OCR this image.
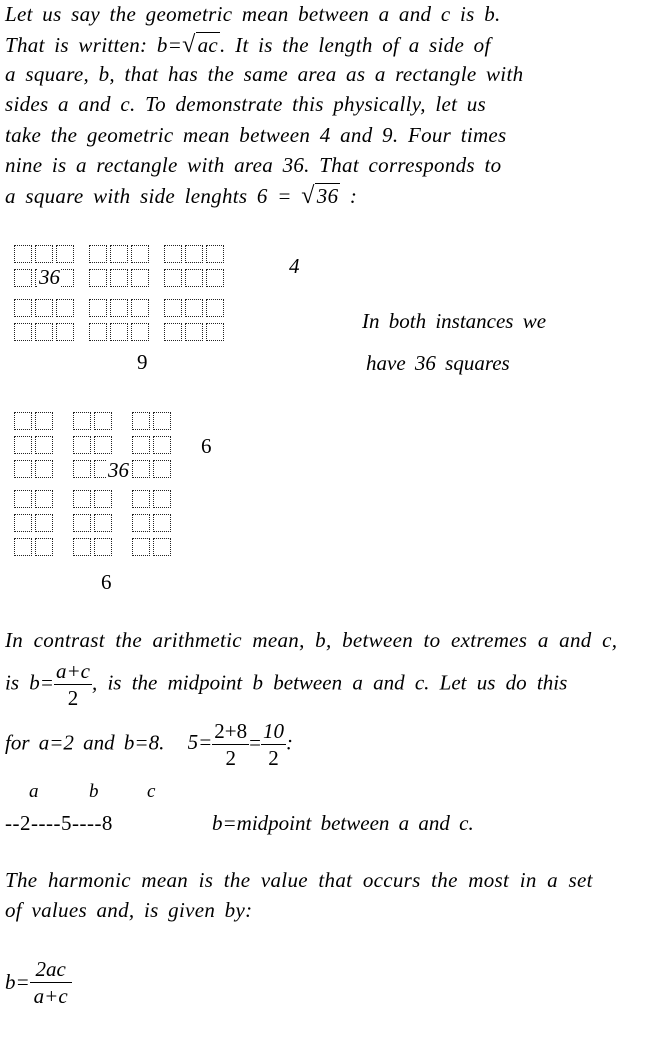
Let us say the geometric mean between a and c is b.
That is written: b=√ac. It is the length of a side of
a square, b, that has the same area as a rectangle with
sides a and c. To demonstrate this physically, let us
take the geometric mean between 4 and 9. Four times
nine is a rectangle with area 36. That corresponds to
a square with side lenghts 6 = √36 :
36	4
9
In both instances we
have 36 squares
36
6
6
In contrast the arithmetic mean, b, between to extremes a and c,
is $b= \frac{a+c}{2}$ , is the midpoint b between a and c. Let us do this
for a=2 and b=8. $5= \frac{2+8}{2} = \frac{10}{2}$ :
a	b	c
--2----5----8	b=midpoint between a and c.
The harmonic mean is the value that occurs the most in a set
of values and, is given by:
$b= \frac{2ac}{a+c}$
